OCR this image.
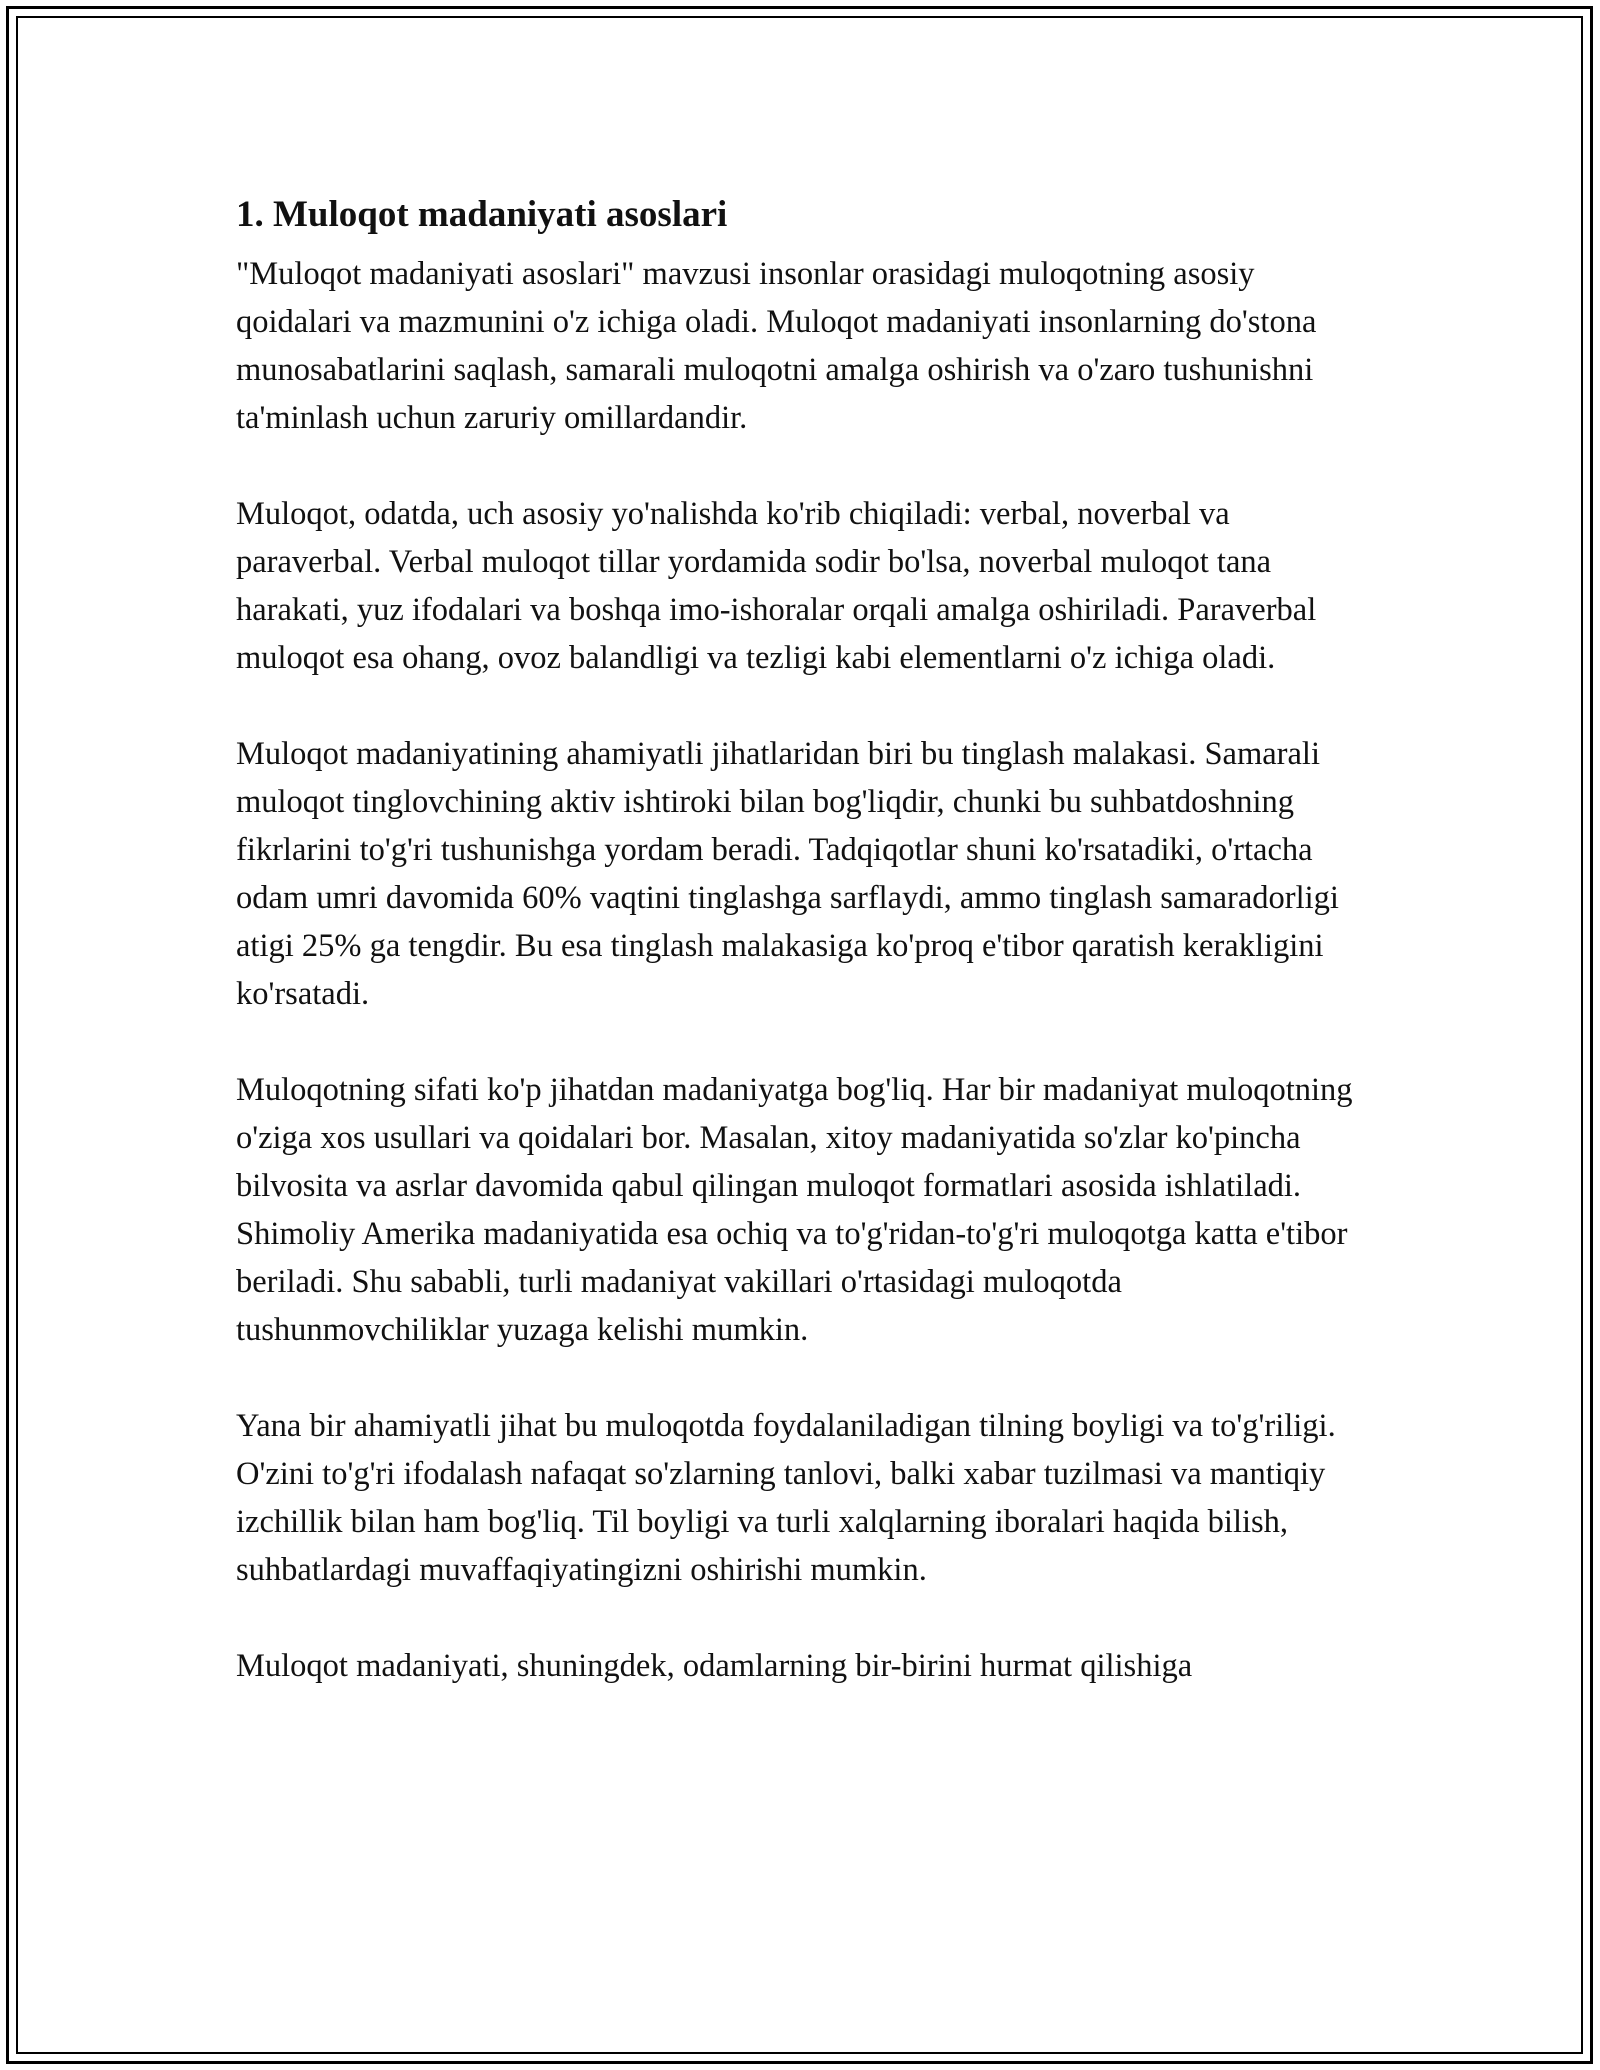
1. Muloqot madaniyati asoslari

"Muloqot madaniyati asoslari" mavzusi insonlar orasidagi muloqotning asosiy qoidalari va mazmunini o'z ichiga oladi. Muloqot madaniyati insonlarning do'stona munosabatlarini saqlash, samarali muloqotni amalga oshirish va o'zaro tushunishni ta'minlash uchun zaruriy omillardandir.

Muloqot, odatda, uch asosiy yo'nalishda ko'rib chiqiladi: verbal, noverbal va paraverbal. Verbal muloqot tillar yordamida sodir bo'lsa, noverbal muloqot tana harakati, yuz ifodalari va boshqa imo-ishoralar orqali amalga oshiriladi. Paraverbal muloqot esa ohang, ovoz balandligi va tezligi kabi elementlarni o'z ichiga oladi.

Muloqot madaniyatining ahamiyatli jihatlaridan biri bu tinglash malakasi. Samarali muloqot tinglovchining aktiv ishtiroki bilan bog'liqdir, chunki bu suhbatdoshning fikrlarini to'g'ri tushunishga yordam beradi. Tadqiqotlar shuni ko'rsatadiki, o'rtacha odam umri davomida 60% vaqtini tinglashga sarflaydi, ammo tinglash samaradorligi atigi 25% ga tengdir. Bu esa tinglash malakasiga ko'proq e'tibor qaratish kerakligini ko'rsatadi.

Muloqotning sifati ko'p jihatdan madaniyatga bog'liq. Har bir madaniyat muloqotning o'ziga xos usullari va qoidalari bor. Masalan, xitoy madaniyatida so'zlar ko'pincha bilvosita va asrlar davomida qabul qilingan muloqot formatlari asosida ishlatiladi. Shimoliy Amerika madaniyatida esa ochiq va to'g'ridan-to'g'ri muloqotga katta e'tibor beriladi. Shu sababli, turli madaniyat vakillari o'rtasidagi muloqotda tushunmovchiliklar yuzaga kelishi mumkin.

Yana bir ahamiyatli jihat bu muloqotda foydalaniladigan tilning boyligi va to'g'riligi. O'zini to'g'ri ifodalash nafaqat so'zlarning tanlovi, balki xabar tuzilmasi va mantiqiy izchillik bilan ham bog'liq. Til boyligi va turli xalqlarning iboralari haqida bilish, suhbatlardagi muvaffaqiyatingizni oshirishi mumkin.

Muloqot madaniyati, shuningdek, odamlarning bir-birini hurmat qilishiga
